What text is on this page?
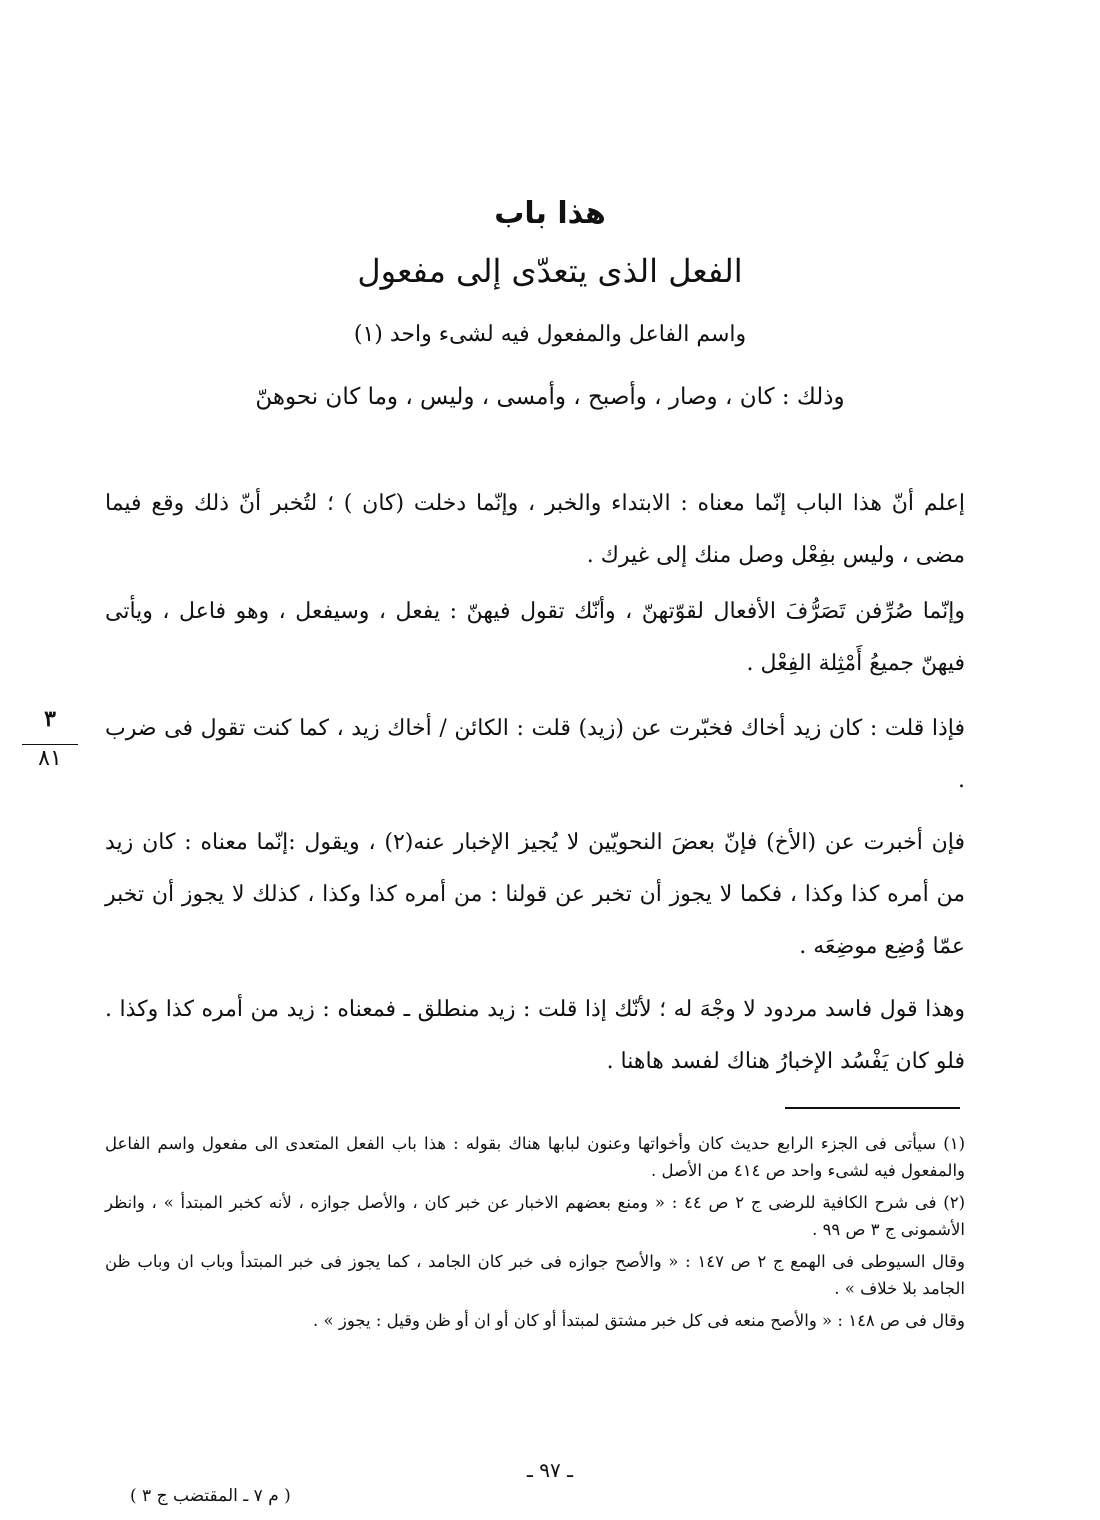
هذا باب
الفعل الذى يتعدّى إلى مفعول
واسم الفاعل والمفعول فيه لشىء واحد (١)
وذلك : كان ، وصار ، وأصبح ، وأمسى ، وليس ، وما كان نحوهنّ

إعلم أنّ هذا الباب إنّما معناه : الابتداء والخبر ، وإنّما دخلت (كان ) ؛ لتُخبر أنّ ذلك وقع فيما مضى ، وليس بفِعْل وصل منك إلى غيرك .

وإنّما صُرِّفن تَصَرُّفَ الأفعال لقوّتهنّ ، وأنّك تقول فيهنّ : يفعل ، وسيفعل ، وهو فاعل ، ويأتى فيهنّ جميعُ أَمْثِلة الفِعْل .

فإذا قلت : كان زيد أخاك فخبّرت عن (زيد) قلت : الكائن / أخاك زيد ، كما كنت تقول فى ضرب .

فإن أخبرت عن (الأخ) فإنّ بعضَ النحويّين لا يُجيز الإخبار عنه(٢) ، ويقول :إنّما معناه : كان زيد من أمره كذا وكذا ، فكما لا يجوز أن تخبر عن قولنا : من أمره كذا وكذا ، كذلك لا يجوز أن تخبر عمّا وُضِع موضِعَه .

وهذا قول فاسد مردود لا وجْهَ له ؛ لأنّك إذا قلت : زيد منطلق ـ فمعناه : زيد من أمره كذا وكذا . فلو كان يَفْسُد الإخبارُ هناك لفسد هاهنا .

٣
٨١

(١) سيأتى فى الجزء الرابع حديث كان وأخواتها وعنون لبابها هناك بقوله : هذا باب الفعل المتعدى الى مفعول واسم الفاعل والمفعول فيه لشىء واحد ص ٤١٤ من الأصل .

(٢) فى شرح الكافية للرضى ج ٢ ص ٤٤ : « ومنع بعضهم الاخبار عن خبر كان ، والأصل جوازه ، لأنه كخبر المبتدأ » ، وانظر الأشمونى ج ٣ ص ٩٩ .

وقال السيوطى فى الهمع ج ٢ ص ١٤٧ : « والأصح جوازه فى خبر كان الجامد ، كما يجوز فى خبر المبتدأ وباب ان وباب ظن الجامد بلا خلاف » .

وقال فى ص ١٤٨ : « والأصح منعه فى كل خبر مشتق لمبتدأ أو كان أو ان أو ظن وقيل : يجوز » .

ـ ٩٧ ـ
( م ٧ ـ المقتضب ج ٣ )
